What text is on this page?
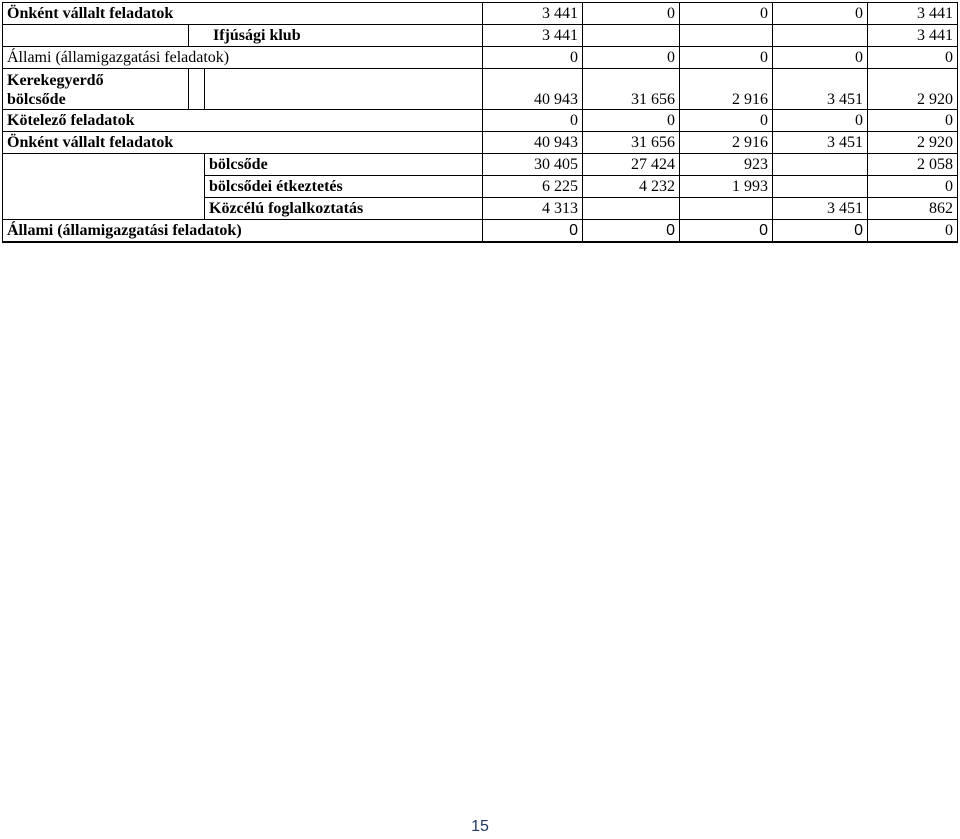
Önként vállalt feladatok			3 441	0	0	0	3 441
	Ifjúsági klub		3 441				3 441
Állami (államigazgatási feladatok)			0	0	0	0	0

Kerekegyerdő
bölcsőde			40 943	31 656	2 916	3 451	2 920
Kötelező feladatok			0	0	0	0	0
Önként vállalt feladatok			40 943	31 656	2 916	3 451	2 920
		bölcsőde	30 405	27 424	923		2 058
		bölcsődei étkeztetés	6 225	4 232	1 993		0
		Közcélú foglalkoztatás	4 313			3 451	862
Állami (államigazgatási feladatok)			0	0	0	0	0
15
